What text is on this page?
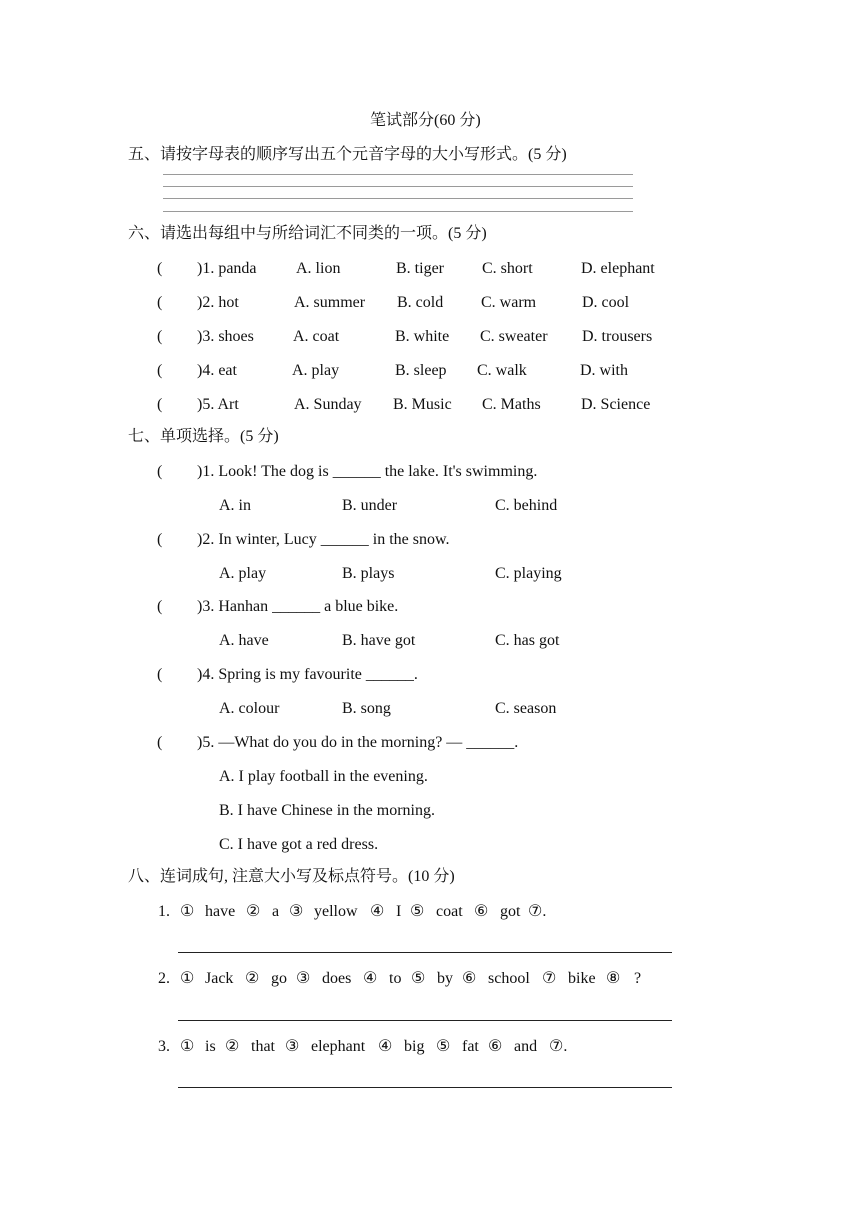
笔试部分(60 分)
五、请按字母表的顺序写出五个元音字母的大小写形式。(5 分)
六、请选出每组中与所给词汇不同类的一项。(5 分)
( )1. panda A. lion	B. tiger C. short	D. elephant
( )2. hot	A. summer B. cold C. warm	D. cool
( )3. shoes A. coat	B. white C. sweater D. trousers
( )4. eat	A. play	B. sleep C. walk	D. with
( )5. Art	A. Sunday B. Music C. Maths	D. Science
七、单项选择。(5 分)
( )1. Look! The dog is ______ the lake. It's swimming.
A. in	B. under	C. behind
( )2. In winter, Lucy ______ in the snow.
A. play	B. plays	C. playing
( )3. Hanhan ______ a blue bike.
A. have	B. have got	C. has got
( )4. Spring is my favourite ______.
A. colour	B. song	C. season
( )5. —What do you do in the morning? — ______.
A. I play football in the evening.
B. I have Chinese in the morning.
C. I have got a red dress.
八、连词成句, 注意大小写及标点符号。(10 分)
1. ① have ② a ③ yellow ④ I ⑤ coat ⑥ got ⑦.
2. ① Jack ② go ③ does ④ to ⑤ by ⑥ school ⑦ bike ⑧ ?
3. ① is ② that ③ elephant ④ big ⑤ fat ⑥ and ⑦.
